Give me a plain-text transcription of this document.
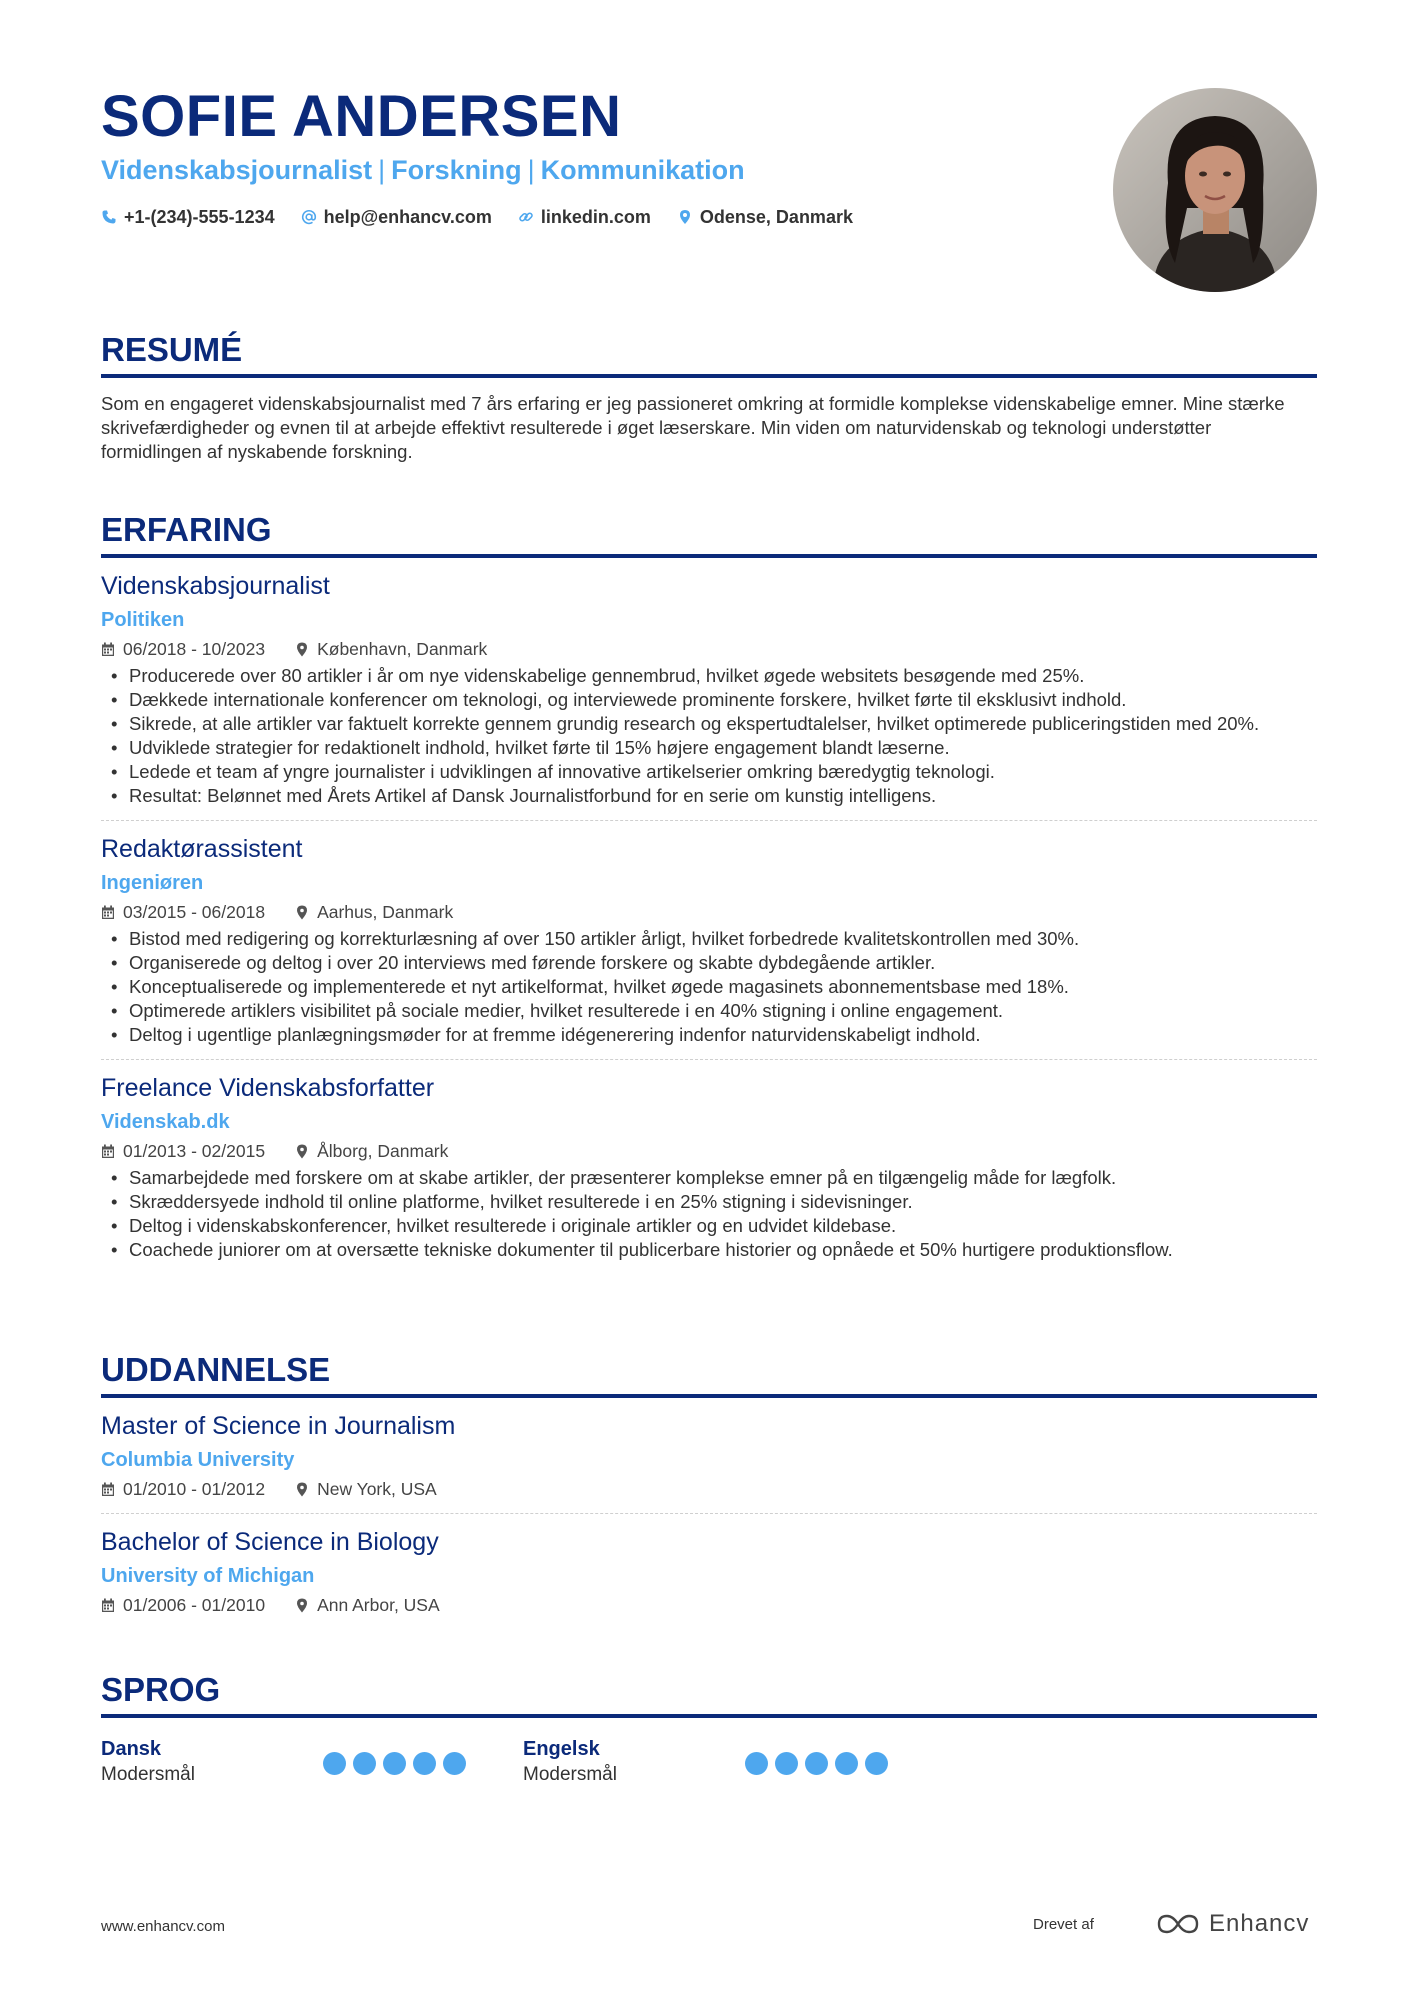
SOFIE ANDERSEN
Videnskabsjournalist | Forskning | Kommunikation
+1-(234)-555-1234	help@enhancv.com	linkedin.com	Odense, Danmark
RESUMÉ
Som en engageret videnskabsjournalist med 7 års erfaring er jeg passioneret omkring at formidle komplekse videnskabelige emner. Mine stærke skrivefærdigheder og evnen til at arbejde effektivt resulterede i øget læserskare. Min viden om naturvidenskab og teknologi understøtter formidlingen af nyskabende forskning.
ERFARING
Videnskabsjournalist
Politiken
06/2018 - 10/2023	København, Danmark
• Producerede over 80 artikler i år om nye videnskabelige gennembrud, hvilket øgede websitets besøgende med 25%.
• Dækkede internationale konferencer om teknologi, og interviewede prominente forskere, hvilket førte til eksklusivt indhold.
• Sikrede, at alle artikler var faktuelt korrekte gennem grundig research og ekspertudtalelser, hvilket optimerede publiceringstiden med 20%.
• Udviklede strategier for redaktionelt indhold, hvilket førte til 15% højere engagement blandt læserne.
• Ledede et team af yngre journalister i udviklingen af innovative artikelserier omkring bæredygtig teknologi.
• Resultat: Belønnet med Årets Artikel af Dansk Journalistforbund for en serie om kunstig intelligens.
Redaktørassistent
Ingeniøren
03/2015 - 06/2018	Aarhus, Danmark
• Bistod med redigering og korrekturlæsning af over 150 artikler årligt, hvilket forbedrede kvalitetskontrollen med 30%.
• Organiserede og deltog i over 20 interviews med førende forskere og skabte dybdegående artikler.
• Konceptualiserede og implementerede et nyt artikelformat, hvilket øgede magasinets abonnementsbase med 18%.
• Optimerede artiklers visibilitet på sociale medier, hvilket resulterede i en 40% stigning i online engagement.
• Deltog i ugentlige planlægningsmøder for at fremme idégenerering indenfor naturvidenskabeligt indhold.
Freelance Videnskabsforfatter
Videnskab.dk
01/2013 - 02/2015	Ålborg, Danmark
• Samarbejdede med forskere om at skabe artikler, der præsenterer komplekse emner på en tilgængelig måde for lægfolk.
• Skræddersyede indhold til online platforme, hvilket resulterede i en 25% stigning i sidevisninger.
• Deltog i videnskabskonferencer, hvilket resulterede i originale artikler og en udvidet kildebase.
• Coachede juniorer om at oversætte tekniske dokumenter til publicerbare historier og opnåede et 50% hurtigere produktionsflow.
UDDANNELSE
Master of Science in Journalism
Columbia University
01/2010 - 01/2012	New York, USA
Bachelor of Science in Biology
University of Michigan
01/2006 - 01/2010	Ann Arbor, USA
SPROG
Dansk
Modersmål
Engelsk
Modersmål
www.enhancv.com	Drevet af	Enhancv
